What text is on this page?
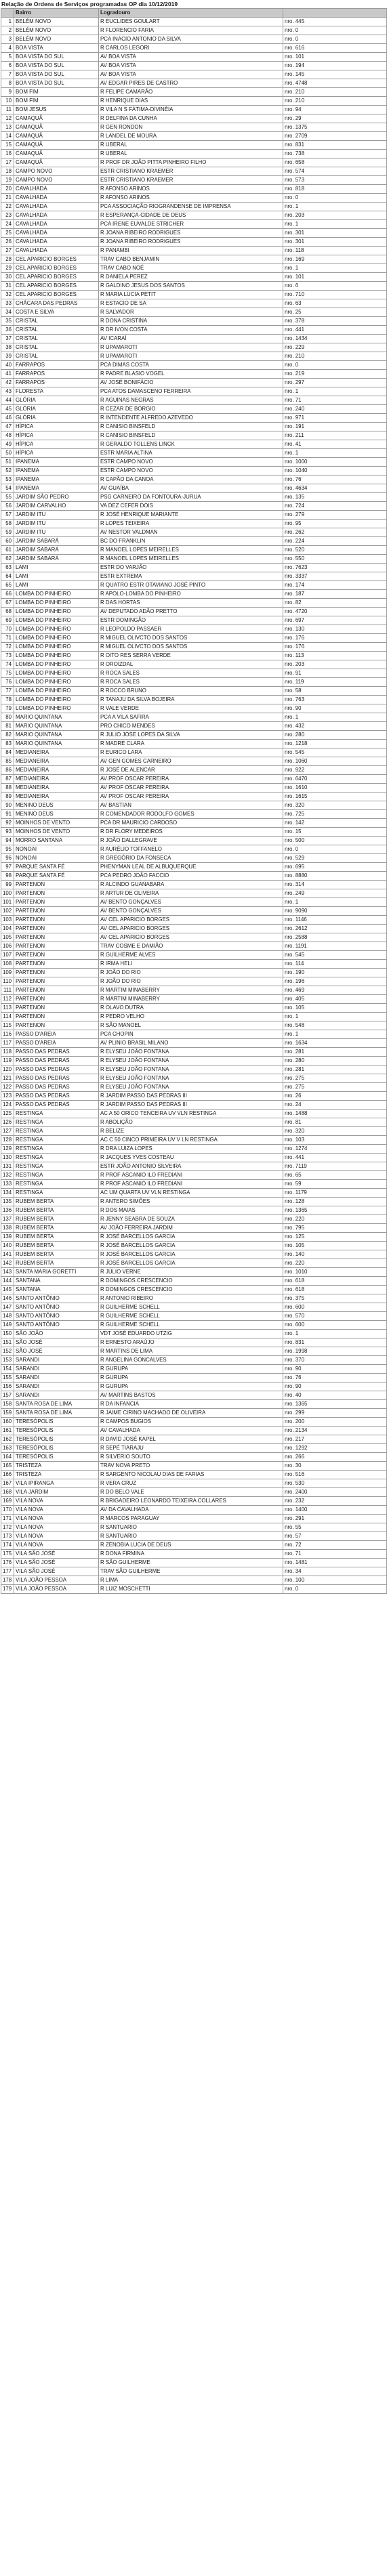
Relação de Ordens de Serviços programadas OP dia 10/12/2019
	Bairro	Logradouro	
1	BELÉM NOVO	R EUCLIDES GOULART	nro. 445
2	BELÉM NOVO	R FLORENCIO FARIA	nro. 0
3	BELÉM NOVO	PCA INACIO ANTONIO DA SILVA	nro. 0
4	BOA VISTA	R CARLOS LEGORI	nro. 616
5	BOA VISTA DO SUL	AV BOA VISTA	nro. 101
6	BOA VISTA DO SUL	AV BOA VISTA	nro. 194
7	BOA VISTA DO SUL	AV BOA VISTA	nro. 145
8	BOA VISTA DO SUL	AV EDGAR PIRES DE CASTRO	nro. 4748
9	BOM FIM	R FELIPE CAMARÃO	nro. 210
10	BOM FIM	R HENRIQUE DIAS	nro. 210
11	BOM JESUS	R VILA N S FÁTIMA-DIVINÉIA	nro. 94
12	CAMAQUÃ	R DELFINA DA CUNHA	nro. 29
13	CAMAQUÃ	R GEN RONDON	nro. 1375
14	CAMAQUÃ	R LANDEL DE MOURA	nro. 2709
15	CAMAQUÃ	R UBERAL	nro. 831
16	CAMAQUÃ	R UBERAL	nro. 738
17	CAMAQUÃ	R PROF DR JOÃO PITTA PINHEIRO FILHO	nro. 658
18	CAMPO NOVO	ESTR CRISTIANO KRAEMER	nro. 574
19	CAMPO NOVO	ESTR CRISTIANO KRAEMER	nro. 573
20	CAVALHADA	R AFONSO ARINOS	nro. 818
21	CAVALHADA	R AFONSO ARINOS	nro. 0
22	CAVALHADA	PCA ASSOCIAÇÃO RIOGRANDENSE DE IMPRENSA	nro. 1
23	CAVALHADA	R ESPERANÇA-CIDADE DE DEUS	nro. 203
24	CAVALHADA	PCA IRENE EUVALDE STRICHER	nro. 1
25	CAVALHADA	R JOANA RIBEIRO RODRIGUES	nro. 301
26	CAVALHADA	R JOANA RIBEIRO RODRIGUES	nro. 301
27	CAVALHADA	R PANAMBI	nro. 118
28	CEL APARICIO BORGES	TRAV CABO BENJAMIN	nro. 169
29	CEL APARICIO BORGES	TRAV CABO NOÉ	nro. 1
30	CEL APARICIO BORGES	R DANIELA PEREZ	nro. 101
31	CEL APARICIO BORGES	R GALDINO JESUS DOS SANTOS	nro. 6
32	CEL APARICIO BORGES	R MARIA LUCIA PETIT	nro. 710
33	CHÁCARA DAS PEDRAS	R ESTACIO DE SA	nro. 63
34	COSTA E SILVA	R SALVADOR	nro. 25
35	CRISTAL	R DONA CRISTINA	nro. 378
36	CRISTAL	R DR IVON COSTA	nro. 441
37	CRISTAL	AV ICARAÍ	nro. 1434
38	CRISTAL	R UPAMAROTI	nro. 229
39	CRISTAL	R UPAMAROTI	nro. 210
40	FARRAPOS	PCA DIMAS COSTA	nro. 0
41	FARRAPOS	R PADRE BLASIO VOGEL	nro. 219
42	FARRAPOS	AV JOSÉ BONIFÁCIO	nro. 297
43	FLORESTA	PCA ATOS DAMASCENO FERREIRA	nro. 1
44	GLÓRIA	R AGUINAS NEGRAS	nro. 71
45	GLÓRIA	R CEZAR DE BORGIO	nro. 240
46	GLÓRIA	R INTENDENTE ALFREDO AZEVEDO	nro. 971
47	HÍPICA	R CANISIO BINSFELD	nro. 191
48	HÍPICA	R CANISIO BINSFELD	nro. 211
49	HÍPICA	R GERALDO TOLLENS LINCK	nro. 41
50	HÍPICA	ESTR MARIA ALTINA	nro. 1
51	IPANEMA	ESTR CAMPO NOVO	nro. 1000
52	IPANEMA	ESTR CAMPO NOVO	nro. 1040
53	IPANEMA	R CAPÃO DA CANOA	nro. 76
54	IPANEMA	AV GUAÍBA	nro. 4634
55	JARDIM SÃO PEDRO	PSG CARNEIRO DA FONTOURA-JURUA	nro. 135
56	JARDIM CARVALHO	VA DEZ CEFER DOIS	nro. 724
57	JARDIM ITU	R JOSÉ HENRIQUE MARIANTE	nro. 279
58	JARDIM ITU	R LOPES TEIXEIRA	nro. 95
59	JARDIM ITU	AV NESTOR VALDMAN	nro. 262
60	JARDIM SABARÁ	BC DO FRANKLIN	nro. 224
61	JARDIM SABARÁ	R MANOEL LOPES MEIRELLES	nro. 520
62	JARDIM SABARÁ	R MANOEL LOPES MEIRELLES	nro. 550
63	LAMI	ESTR DO VARJÃO	nro. 7623
64	LAMI	ESTR EXTREMA	nro. 3337
65	LAMI	R QUATRO ESTR OTAVIANO JOSÉ PINTO	nro. 174
66	LOMBA DO PINHEIRO	R APOLO-LOMBA DO PINHEIRO	nro. 187
67	LOMBA DO PINHEIRO	R DAS HORTAS	nro. 82
68	LOMBA DO PINHEIRO	AV DEPUTADO ADÃO PRETTO	nro. 4720
69	LOMBA DO PINHEIRO	ESTR DOMINGÃO	nro. 697
70	LOMBA DO PINHEIRO	R LEOPOLDO PASSAER	nro. 130
71	LOMBA DO PINHEIRO	R MIGUEL OLIVCTO DOS SANTOS	nro. 176
72	LOMBA DO PINHEIRO	R MIGUEL OLIVCTO DOS SANTOS	nro. 176
73	LOMBA DO PINHEIRO	R OITO RES SERRA VERDE	nro. 113
74	LOMBA DO PINHEIRO	R OROIZDAL	nro. 203
75	LOMBA DO PINHEIRO	R ROCA SALES	nro. 91
76	LOMBA DO PINHEIRO	R ROCA SALES	nro. 119
77	LOMBA DO PINHEIRO	R ROCCO BRUNO	nro. 58
78	LOMBA DO PINHEIRO	R TANAJU DA SILVA BOJEIRA	nro. 763
79	LOMBA DO PINHEIRO	R VALE VERDE	nro. 90
80	MARIO QUINTANA	PCA A VILA SAFIRA	nro. 1
81	MARIO QUINTANA	PRO CHICO MENDES	nro. 432
82	MARIO QUINTANA	R JULIO JOSE LOPES DA SILVA	nro. 280
83	MARIO QUINTANA	R MADRE CLARA	nro. 1218
84	MEDIANEIRA	R EURICO LARA	nro. 545
85	MEDIANEIRA	AV GEN GOMES CARNEIRO	nro. 1060
86	MEDIANEIRA	R JOSÉ DE ALENCAR	nro. 922
87	MEDIANEIRA	AV PROF OSCAR PEREIRA	nro. 6470
88	MEDIANEIRA	AV PROF OSCAR PEREIRA	nro. 1610
89	MEDIANEIRA	AV PROF OSCAR PEREIRA	nro. 1615
90	MENINO DEUS	AV BASTIAN	nro. 320
91	MENINO DEUS	R COMENDADOR RODOLFO GOMES	nro. 725
92	MOINHOS DE VENTO	PCA DR MAURICIO CARDOSO	nro. 142
93	MOINHOS DE VENTO	R DR FLORY MEDEIROS	nro. 15
94	MORRO SANTANA	R JOÃO DALLEGRAVE	nro. 500
95	NONOAI	R AURÉLIO TOFFANELO	nro. 0
96	NONOAI	R GREGÓRIO DA FONSECA	nro. 529
97	PARQUE SANTA FÉ	PHENYMAN LEAL DE ALBUQUERQUE	nro. 695
98	PARQUE SANTA FÉ	PCA PEDRO JOÃO FACCIO	nro. 8880
99	PARTENON	R ALCINDO GUANABARA	nro. 314
100	PARTENON	R ARTUR DE OLIVEIRA	nro. 249
101	PARTENON	AV BENTO GONÇALVES	nro. 1
102	PARTENON	AV BENTO GONÇALVES	nro. 9090
103	PARTENON	AV CEL APARICIO BORGES	nro. 1146
104	PARTENON	AV CEL APARICIO BORGES	nro. 2612
105	PARTENON	AV CEL APARICIO BORGES	nro. 2588
106	PARTENON	TRAV COSME E DAMIÃO	nro. 1191
107	PARTENON	R GUILHERME ALVES	nro. 545
108	PARTENON	R IRMA HELI	nro. 114
109	PARTENON	R JOÃO DO RIO	nro. 190
110	PARTENON	R JOÃO DO RIO	nro. 196
111	PARTENON	R MARTIM MINABERRY	nro. 469
112	PARTENON	R MARTIM MINABERRY	nro. 405
113	PARTENON	R OLAVO DUTRA	nro. 105
114	PARTENON	R PEDRO VELHO	nro. 1
115	PARTENON	R SÃO MANOEL	nro. 548
116	PASSO D'AREIA	PCA CHOPIN	nro. 1
117	PASSO D'AREIA	AV PLINIO BRASIL MILANO	nro. 1634
118	PASSO DAS PEDRAS	R ELYSEU JOÃO FONTANA	nro. 281
119	PASSO DAS PEDRAS	R ELYSEU JOÃO FONTANA	nro. 280
120	PASSO DAS PEDRAS	R ELYSEU JOÃO FONTANA	nro. 281
121	PASSO DAS PEDRAS	R ELYSEU JOÃO FONTANA	nro. 275
122	PASSO DAS PEDRAS	R ELYSEU JOÃO FONTANA	nro. 275
123	PASSO DAS PEDRAS	R JARDIM PASSO DAS PEDRAS III	nro. 26
124	PASSO DAS PEDRAS	R JARDIM PASSO DAS PEDRAS III	nro. 24
125	RESTINGA	AC A 50 ORICO TENCEIRA UV VLN RESTINGA	nro. 1488
126	RESTINGA	R ABOLIÇÃO	nro. 81
127	RESTINGA	R BELIZE	nro. 320
128	RESTINGA	AC C 50 CINCO PRIMEIRA UV V LN RESTINGA	nro. 103
129	RESTINGA	R DRA LUIZA LOPES	nro. 1274
130	RESTINGA	R JACQUES YVES COSTEAU	nro. 441
131	RESTINGA	ESTR JOÃO ANTONIO SILVEIRA	nro. 7119
132	RESTINGA	R PROF ASCANIO ILO FREDIANI	nro. 65
133	RESTINGA	R PROF ASCANIO ILO FREDIANI	nro. 59
134	RESTINGA	AC UM QUARTA UV VLN RESTINGA	nro. 1179
135	RUBEM BERTA	R ANTERO SIMÕES	nro. 128
136	RUBEM BERTA	R DOS MAIAS	nro. 1365
137	RUBEM BERTA	R JENNY SEABRA DE SOUZA	nro. 220
138	RUBEM BERTA	AV JOÃO FERREIRA JARDIM	nro. 795
139	RUBEM BERTA	R JOSÉ BARCELLOS GARCIA	nro. 125
140	RUBEM BERTA	R JOSÉ BARCELLOS GARCIA	nro. 105
141	RUBEM BERTA	R JOSÉ BARCELLOS GARCIA	nro. 140
142	RUBEM BERTA	R JOSÉ BARCELLOS GARCIA	nro. 220
143	SANTA MARIA GORETTI	R JÚLIO VERNE	nro. 1010
144	SANTANA	R DOMINGOS CRESCENCIO	nro. 618
145	SANTANA	R DOMINGOS CRESCENCIO	nro. 618
146	SANTO ANTÔNIO	R ANTONIO RIBEIRO	nro. 375
147	SANTO ANTÔNIO	R GUILHERME SCHELL	nro. 600
148	SANTO ANTÔNIO	R GUILHERME SCHELL	nro. 570
149	SANTO ANTÔNIO	R GUILHERME SCHELL	nro. 600
150	SÃO JOÃO	VDT JOSÉ EDUARDO UTZIG	nro. 1
151	SÃO JOSÉ	R ERNESTO ARAÚJO	nro. 831
152	SÃO JOSÉ	R MARTINS DE LIMA	nro. 1998
153	SARANDI	R ANGELINA GONCALVES	nro. 370
154	SARANDI	R GURUPA	nro. 90
155	SARANDI	R GURUPA	nro. 76
156	SARANDI	R GURUPA	nro. 90
157	SARANDI	AV MARTINS BASTOS	nro. 40
158	SANTA ROSA DE LIMA	R DA INFANCIA	nro. 1365
159	SANTA ROSA DE LIMA	R JAIME CIRINO MACHADO DE OLIVEIRA	nro. 299
160	TERESÓPOLIS	R CAMPOS BUGIOS	nro. 200
161	TERESÓPOLIS	AV CAVALHADA	nro. 2134
162	TERESÓPOLIS	R DAVID JOSÉ KAPEL	nro. 217
163	TERESÓPOLIS	R SEPÉ TIARAJU	nro. 1292
164	TERESÓPOLIS	R SILVERIO SOUTO	nro. 266
165	TRISTEZA	TRAV NOVA PRETO	nro. 30
166	TRISTEZA	R SARGENTO NICOLAU DIAS DE FARIAS	nro. 516
167	VILA IPIRANGA	R VERA CRUZ	nro. 530
168	VILA JARDIM	R DO BELO VALE	nro. 2400
169	VILA NOVA	R BRIGADEIRO LEONARDO TEIXEIRA COLLARES	nro. 232
170	VILA NOVA	AV DA CAVALHADA	nro. 1400
171	VILA NOVA	R MARCOS PARAGUAY	nro. 291
172	VILA NOVA	R SANTUARIO	nro. 55
173	VILA NOVA	R SANTUARIO	nro. 57
174	VILA NOVA	R ZENOBIA LUCIA DE DEUS	nro. 72
175	VILA SÃO JOSÉ	R DONA FIRMINA	nro. 71
176	VILA SÃO JOSÉ	R SÃO GUILHERME	nro. 1481
177	VILA SÃO JOSÉ	TRAV SÃO GUILHERME	nro. 34
178	VILA JOÃO PESSOA	R LIMA	nro. 100
179	VILA JOÃO PESSOA	R LUIZ MOSCHETTI	nro. 0
